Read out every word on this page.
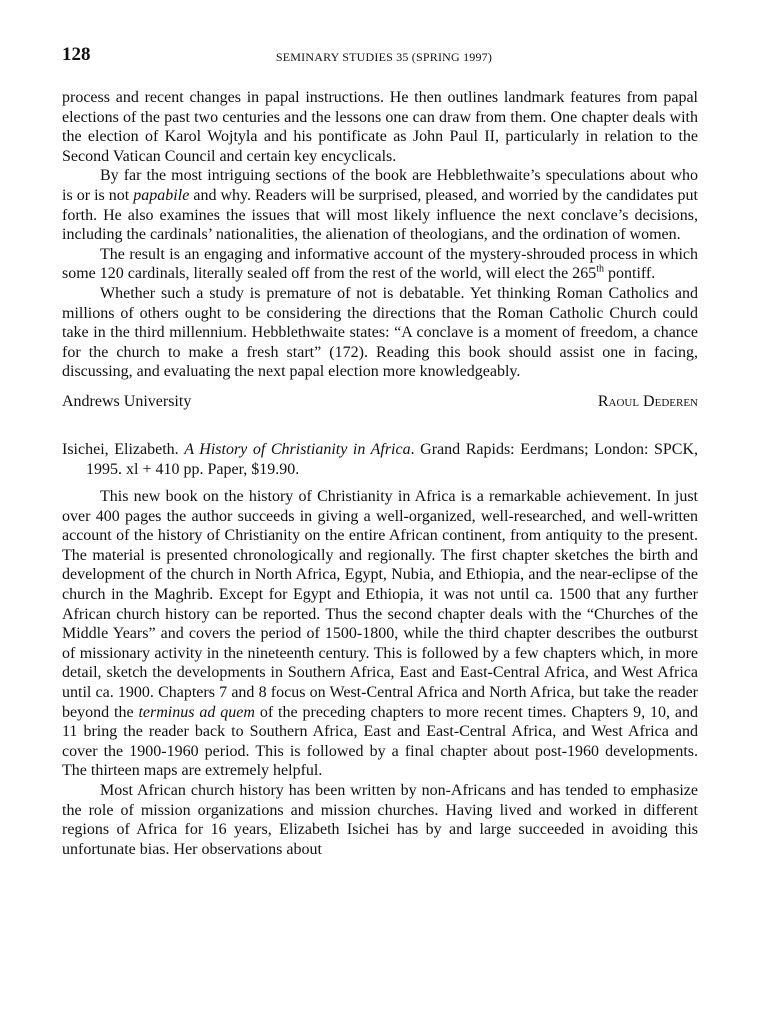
128	SEMINARY STUDIES 35 (SPRING 1997)

process and recent changes in papal instructions. He then outlines landmark features from papal elections of the past two centuries and the lessons one can draw from them. One chapter deals with the election of Karol Wojtyla and his pontificate as John Paul II, particularly in relation to the Second Vatican Council and certain key encyclicals.

By far the most intriguing sections of the book are Hebblethwaite’s speculations about who is or is not papabile and why. Readers will be surprised, pleased, and worried by the candidates put forth. He also examines the issues that will most likely influence the next conclave’s decisions, including the cardinals’ nationalities, the alienation of theologians, and the ordination of women.

The result is an engaging and informative account of the mystery-shrouded process in which some 120 cardinals, literally sealed off from the rest of the world, will elect the 265th pontiff.

Whether such a study is premature of not is debatable. Yet thinking Roman Catholics and millions of others ought to be considering the directions that the Roman Catholic Church could take in the third millennium. Hebblethwaite states: “A conclave is a moment of freedom, a chance for the church to make a fresh start” (172). Reading this book should assist one in facing, discussing, and evaluating the next papal election more knowledgeably.

Andrews University	Raoul Dederen

Isichei, Elizabeth. A History of Christianity in Africa. Grand Rapids: Eerdmans; London: SPCK, 1995. xl + 410 pp. Paper, $19.90.

This new book on the history of Christianity in Africa is a remarkable achievement. In just over 400 pages the author succeeds in giving a well-organized, well-researched, and well-written account of the history of Christianity on the entire African continent, from antiquity to the present. The material is presented chronologically and regionally. The first chapter sketches the birth and development of the church in North Africa, Egypt, Nubia, and Ethiopia, and the near-eclipse of the church in the Maghrib. Except for Egypt and Ethiopia, it was not until ca. 1500 that any further African church history can be reported. Thus the second chapter deals with the “Churches of the Middle Years” and covers the period of 1500-1800, while the third chapter describes the outburst of missionary activity in the nineteenth century. This is followed by a few chapters which, in more detail, sketch the developments in Southern Africa, East and East-Central Africa, and West Africa until ca. 1900. Chapters 7 and 8 focus on West-Central Africa and North Africa, but take the reader beyond the terminus ad quem of the preceding chapters to more recent times. Chapters 9, 10, and 11 bring the reader back to Southern Africa, East and East-Central Africa, and West Africa and cover the 1900-1960 period. This is followed by a final chapter about post-1960 developments. The thirteen maps are extremely helpful.

Most African church history has been written by non-Africans and has tended to emphasize the role of mission organizations and mission churches. Having lived and worked in different regions of Africa for 16 years, Elizabeth Isichei has by and large succeeded in avoiding this unfortunate bias. Her observations about
